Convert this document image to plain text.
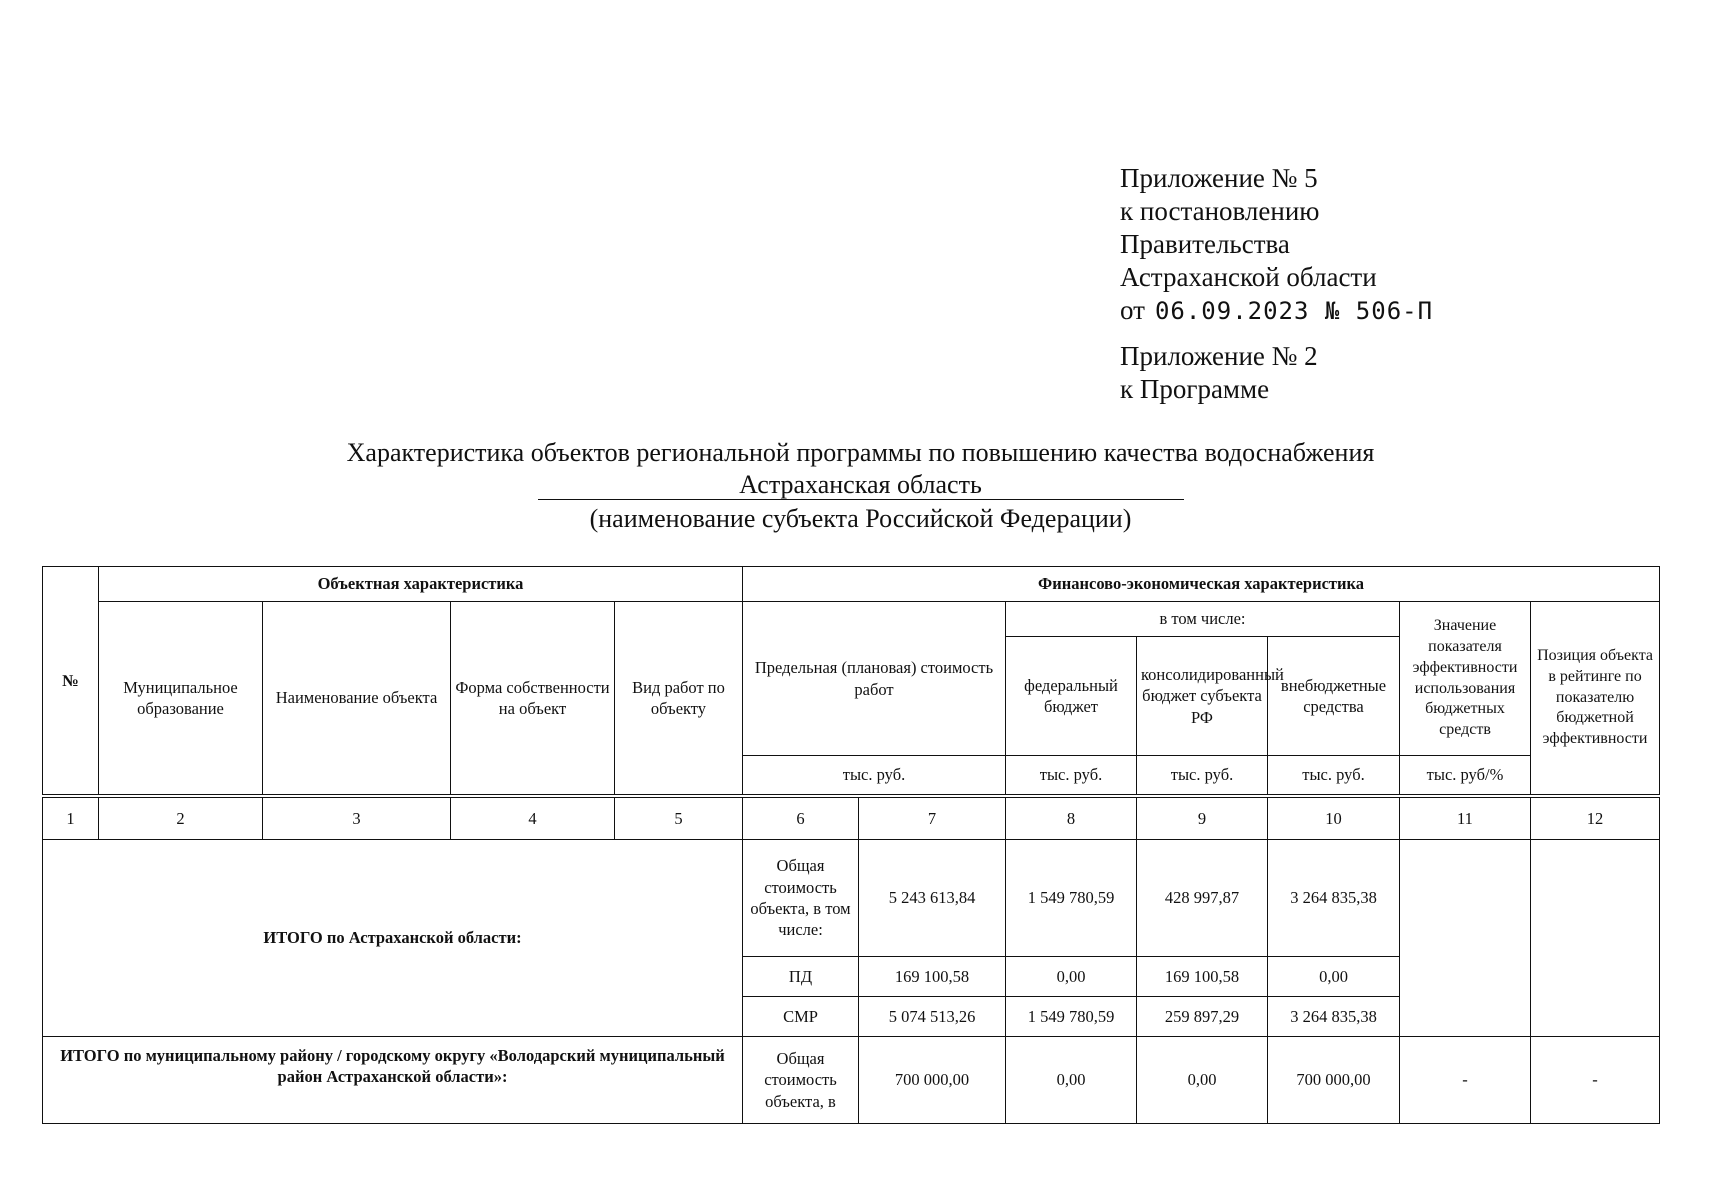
Приложение № 5
к постановлению
Правительства
Астраханской области
от 06.09.2023 № 506-П
Приложение № 2
к Программе
Характеристика объектов региональной программы по повышению качества водоснабжения
Астраханская область
(наименование субъекта Российской Федерации)
№	Объектная характеристика				Финансово-экономическая характеристика						
	Муниципальное образование	Наименование объекта	Форма собственности на объект	Вид работ по объекту	Предельная (плановая) стоимость работ		в том числе:			Значение показателя эффективности использования бюджетных средств	Позиция объекта в рейтинге по показателю бюджетной эффективности
							федеральный бюджет	консолидированный бюджет субъекта РФ	внебюджетные средства		
					тыс. руб.		тыс. руб.	тыс. руб.	тыс. руб.	тыс. руб/%	
1	2	3	4	5	6	7	8	9	10	11	12
ИТОГО по Астраханской области:					Общая стоимость объекта, в том числе:	5 243 613,84	1 549 780,59	428 997,87	3 264 835,38		
					ПД	169 100,58	0,00	169 100,58	0,00		
					СМР	5 074 513,26	1 549 780,59	259 897,29	3 264 835,38		
ИТОГО по муниципальному району / городскому округу «Володарский муниципальный район Астраханской области»:					Общая стоимость объекта, в	700 000,00	0,00	0,00	700 000,00	-	-
